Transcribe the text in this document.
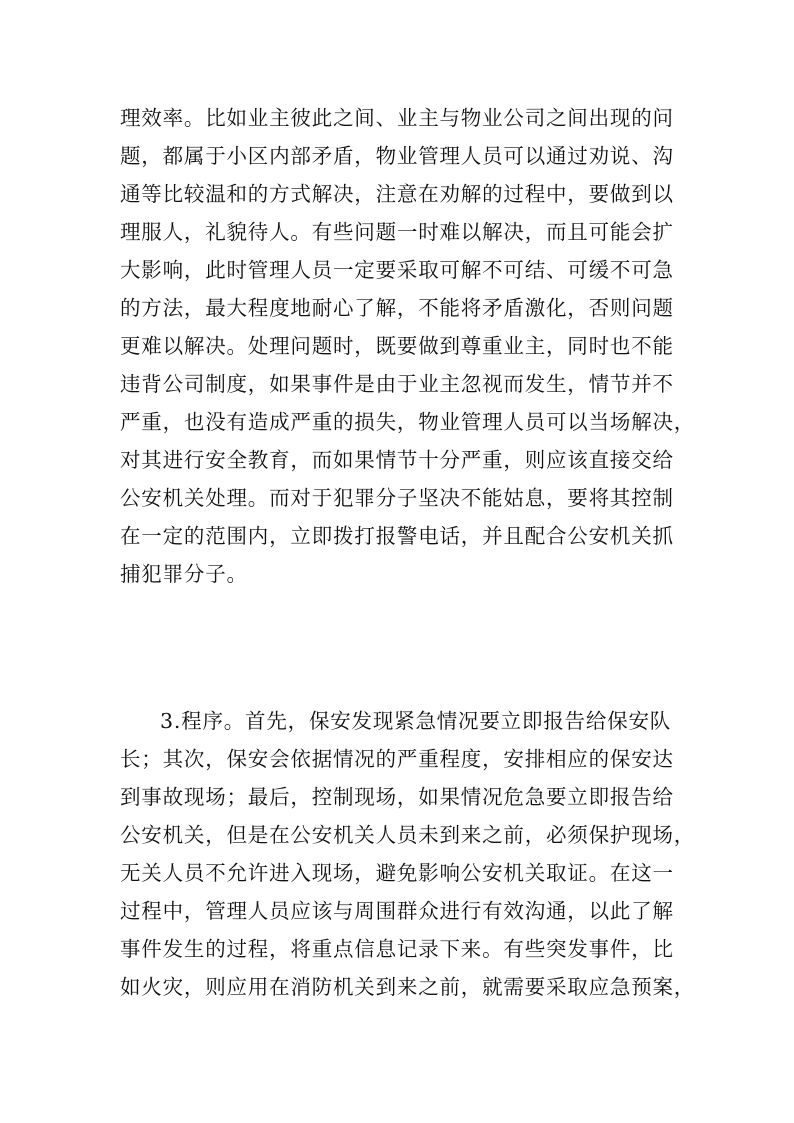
理效率。比如业主彼此之间、业主与物业公司之间出现的问
题，都属于小区内部矛盾，物业管理人员可以通过劝说、沟
通等比较温和的方式解决，注意在劝解的过程中，要做到以
理服人，礼貌待人。有些问题一时难以解决，而且可能会扩
大影响，此时管理人员一定要采取可解不可结、可缓不可急
的方法，最大程度地耐心了解，不能将矛盾激化，否则问题
更难以解决。处理问题时，既要做到尊重业主，同时也不能
违背公司制度，如果事件是由于业主忽视而发生，情节并不
严重，也没有造成严重的损失，物业管理人员可以当场解决，
对其进行安全教育，而如果情节十分严重，则应该直接交给
公安机关处理。而对于犯罪分子坚决不能姑息，要将其控制
在一定的范围内，立即拨打报警电话，并且配合公安机关抓
捕犯罪分子。
3.程序。首先，保安发现紧急情况要立即报告给保安队
长；其次，保安会依据情况的严重程度，安排相应的保安达
到事故现场；最后，控制现场，如果情况危急要立即报告给
公安机关，但是在公安机关人员未到来之前，必须保护现场，
无关人员不允许进入现场，避免影响公安机关取证。在这一
过程中，管理人员应该与周围群众进行有效沟通，以此了解
事件发生的过程，将重点信息记录下来。有些突发事件，比
如火灾，则应用在消防机关到来之前，就需要采取应急预案，
